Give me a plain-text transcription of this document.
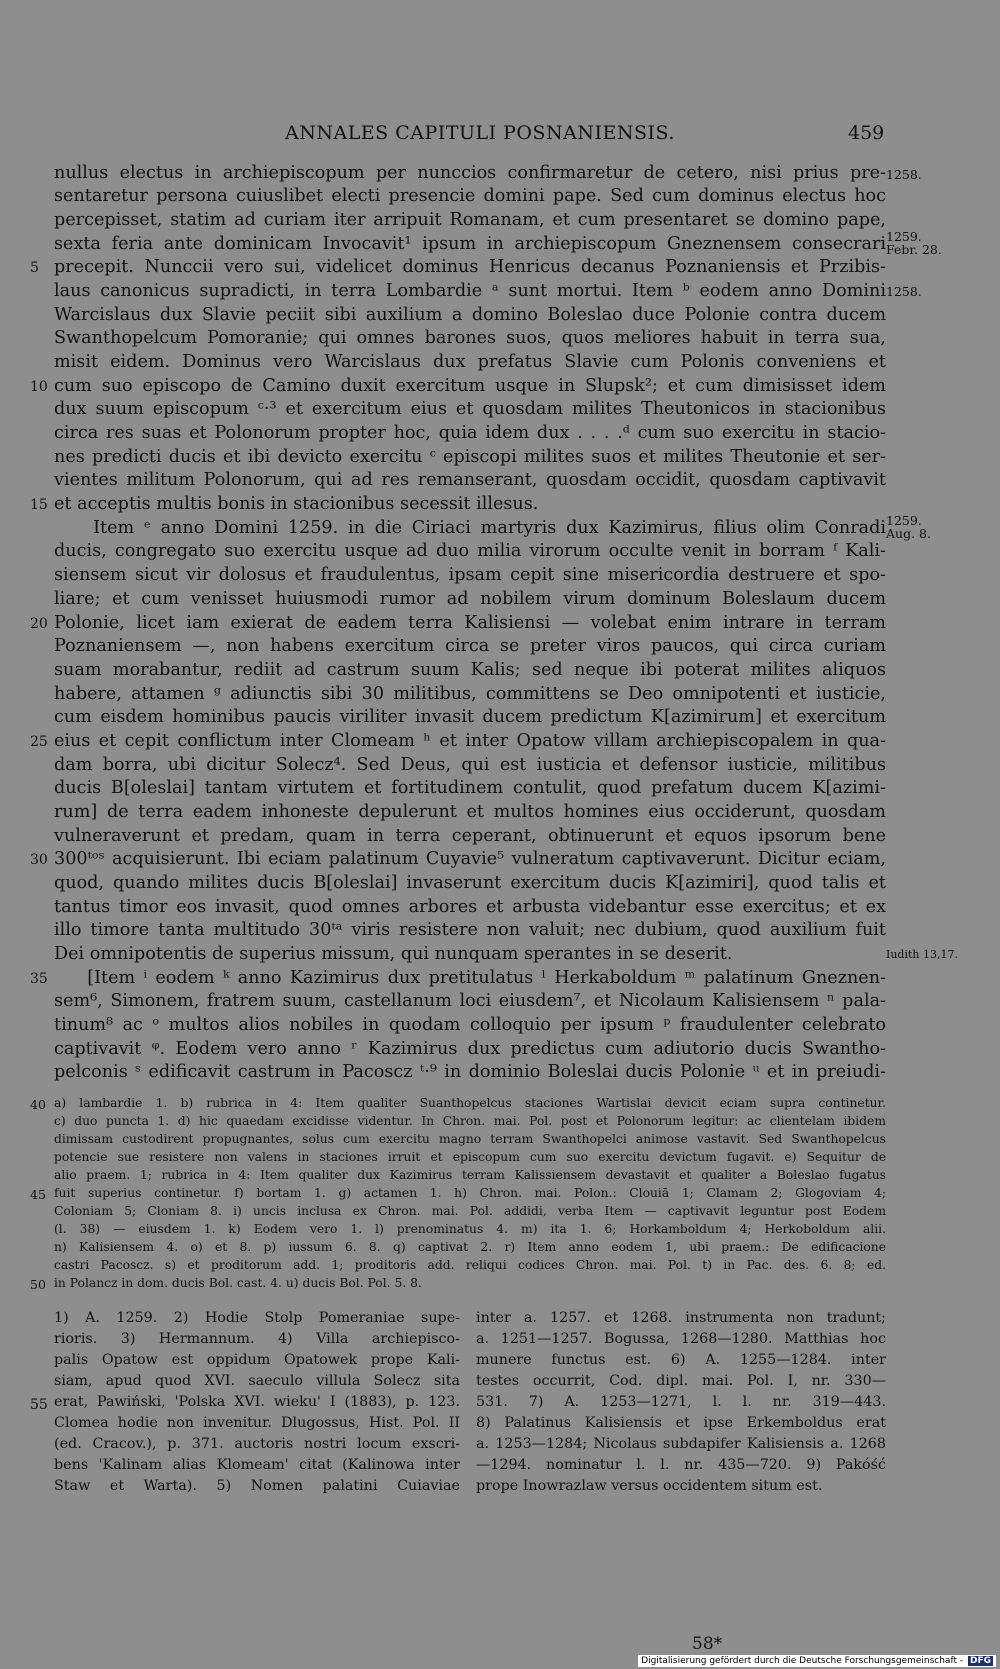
ANNALES CAPITULI POSNANIENSIS.	459
nullus electus in archiepiscopum per nunccios confirmaretur de cetero, nisi prius pre-
sentaretur persona cuiuslibet electi presencie domini pape. Sed cum dominus electus hoc
percepisset, statim ad curiam iter arripuit Romanam, et cum presentaret se domino pape,
sexta feria ante dominicam Invocavit¹ ipsum in archiepiscopum Gneznensem consecrari
precepit. Nunccii vero sui, videlicet dominus Henricus decanus Poznaniensis et Przibis-
laus canonicus supradicti, in terra Lombardie ᵃ sunt mortui. Item ᵇ eodem anno Domini
Warcislaus dux Slavie peciit sibi auxilium a domino Boleslao duce Polonie contra ducem
Swanthopelcum Pomoranie; qui omnes barones suos, quos meliores habuit in terra sua,
misit eidem. Dominus vero Warcislaus dux prefatus Slavie cum Polonis conveniens et
cum suo episcopo de Camino duxit exercitum usque in Slupsk²; et cum dimisisset idem
dux suum episcopum ᶜ·³ et exercitum eius et quosdam milites Theutonicos in stacionibus
circa res suas et Polonorum propter hoc, quia idem dux . . . .ᵈ cum suo exercitu in stacio-
nes predicti ducis et ibi devicto exercitu ᶜ episcopi milites suos et milites Theutonie et ser-
vientes militum Polonorum, qui ad res remanserant, quosdam occidit, quosdam captivavit
et acceptis multis bonis in stacionibus secessit illesus.
Item ᵉ anno Domini 1259. in die Ciriaci martyris dux Kazimirus, filius olim Conradi
ducis, congregato suo exercitu usque ad duo milia virorum occulte venit in borram ᶠ Kali-
siensem sicut vir dolosus et fraudulentus, ipsam cepit sine misericordia destruere et spo-
liare; et cum venisset huiusmodi rumor ad nobilem virum dominum Boleslaum ducem
Polonie, licet iam exierat de eadem terra Kalisiensi — volebat enim intrare in terram
Poznaniensem —, non habens exercitum circa se preter viros paucos, qui circa curiam
suam morabantur, rediit ad castrum suum Kalis; sed neque ibi poterat milites aliquos
habere, attamen ᵍ adiunctis sibi 30 militibus, committens se Deo omnipotenti et iusticie,
cum eisdem hominibus paucis viriliter invasit ducem predictum K[azimirum] et exercitum
eius et cepit conflictum inter Clomeam ʰ et inter Opatow villam archiepiscopalem in qua-
dam borra, ubi dicitur Solecz⁴. Sed Deus, qui est iusticia et defensor iusticie, militibus
ducis B[oleslai] tantam virtutem et fortitudinem contulit, quod prefatum ducem K[azimi-
rum] de terra eadem inhoneste depulerunt et multos homines eius occiderunt, quosdam
vulneraverunt et predam, quam in terra ceperant, obtinuerunt et equos ipsorum bene
300ᵗᵒˢ acquisierunt. Ibi eciam palatinum Cuyavie⁵ vulneratum captivaverunt. Dicitur eciam,
quod, quando milites ducis B[oleslai] invaserunt exercitum ducis K[azimiri], quod talis et
tantus timor eos invasit, quod omnes arbores et arbusta videbantur esse exercitus; et ex
illo timore tanta multitudo 30ᵗᵃ viris resistere non valuit; nec dubium, quod auxilium fuit
Dei omnipotentis de superius missum, qui nunquam sperantes in se deserit.
[Item ⁱ eodem ᵏ anno Kazimirus dux pretitulatus ˡ Herkaboldum ᵐ palatinum Gneznen-
sem⁶, Simonem, fratrem suum, castellanum loci eiusdem⁷, et Nicolaum Kalisiensem ⁿ pala-
tinum⁸ ac ᵒ multos alios nobiles in quodam colloquio per ipsum ᵖ fraudulenter celebrato
captivavit ᵠ. Eodem vero anno ʳ Kazimirus dux predictus cum adiutorio ducis Swantho-
pelconis ˢ edificavit castrum in Pacoscz ᵗ·⁹ in dominio Boleslai ducis Polonie ᵘ et in preiudi-
5
10
15
20
25
30
35
1258.
1259.
Febr. 28.
1258.
1259.
Aug. 8.
Iudith 13,17.
a) lambardie 1. b) rubrica in 4: Item qualiter Suanthopelcus staciones Wartislai devicit eciam supra continetur.
c) duo puncta 1. d) hic quaedam excidisse videntur. In Chron. mai. Pol. post et Polonorum legitur: ac clientelam ibidem
dimissam custodirent propugnantes, solus cum exercitu magno terram Swanthopelci animose vastavit. Sed Swanthopelcus
potencie sue resistere non valens in staciones irruit et episcopum cum suo exercitu devictum fugavit. e) Sequitur de
alio praem. 1; rubrica in 4: Item qualiter dux Kazimirus terram Kalissiensem devastavit et qualiter a Boleslao fugatus
fuit superius continetur. f) bortam 1. g) actamen 1. h) Chron. mai. Polon.: Clouiā 1; Clamam 2; Glogoviam 4;
Coloniam 5; Cloniam 8. i) uncis inclusa ex Chron. mai. Pol. addidi, verba Item — captivavit leguntur post Eodem
(l. 38) — eiusdem 1. k) Eodem vero 1. l) prenominatus 4. m) ita 1. 6; Horkamboldum 4; Herkoboldum alii.
n) Kalisiensem 4. o) et 8. p) iussum 6. 8. q) captivat 2. r) Item anno eodem 1, ubi praem.: De edificacione
castri Pacoscz. s) et proditorum add. 1; proditoris add. reliqui codices Chron. mai. Pol. t) in Pac. des. 6. 8; ed.
in Polancz in dom. ducis Bol. cast. 4. u) ducis Bol. Pol. 5. 8.
40
45
50
1) A. 1259. 2) Hodie Stolp Pomeraniae supe-
rioris. 3) Hermannum. 4) Villa archiepisco-
palis Opatow est oppidum Opatowek prope Kali-
siam, apud quod XVI. saeculo villula Solecz sita
erat, Pawiński, 'Polska XVI. wieku' I (1883), p. 123.
Clomea hodie non invenitur. Dlugossus, Hist. Pol. II
(ed. Cracov.), p. 371. auctoris nostri locum exscri-
bens 'Kalinam alias Klomeam' citat (Kalinowa inter
Staw et Warta). 5) Nomen palatini Cuiaviae
inter a. 1257. et 1268. instrumenta non tradunt;
a. 1251—1257. Bogussa, 1268—1280. Matthias hoc
munere functus est. 6) A. 1255—1284. inter
testes occurrit, Cod. dipl. mai. Pol. I, nr. 330—
531. 7) A. 1253—1271, l. l. nr. 319—443.
8) Palatinus Kalisiensis et ipse Erkemboldus erat
a. 1253—1284; Nicolaus subdapifer Kalisiensis a. 1268
—1294. nominatur l. l. nr. 435—720. 9) Pakóść
prope Inowrazlaw versus occidentem situm est.
55
58*
Digitalisierung gefördert durch die Deutsche Forschungsgemeinschaft - DFG
